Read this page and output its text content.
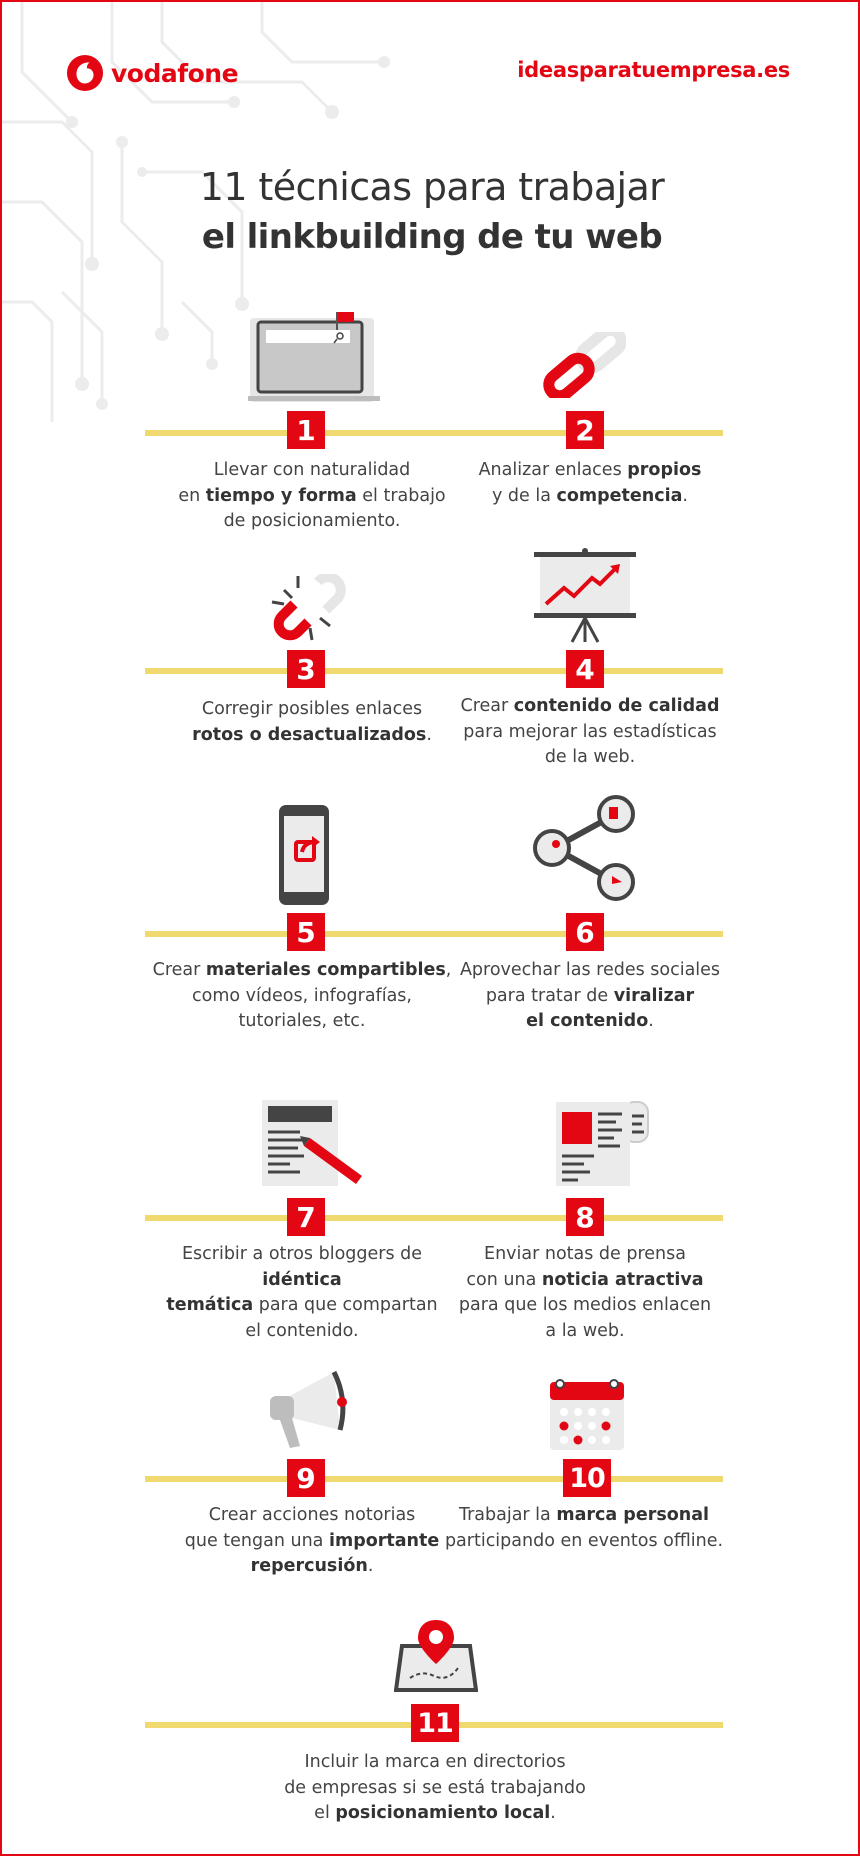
vodafone	ideasparatuempresa.es
11 técnicas para trabajar
el linkbuilding de tu web
1	2
3	4
5	6
7	8
9	10
11
Llevar con naturalidad
en tiempo y forma el trabajo
de posicionamiento.
Analizar enlaces propios
y de la competencia.
Corregir posibles enlaces
rotos o desactualizados.
Crear contenido de calidad
para mejorar las estadísticas
de la web.
Crear materiales compartibles,
como vídeos, infografías,
tutoriales, etc.
Aprovechar las redes sociales
para tratar de viralizar
el contenido.
Escribir a otros bloggers de idéntica
temática para que compartan
el contenido.
Enviar notas de prensa
con una noticia atractiva
para que los medios enlacen
a la web.
Crear acciones notorias
que tengan una importante
repercusión.
Trabajar la marca personal
participando en eventos offline.
Incluir la marca en directorios
de empresas si se está trabajando
el posicionamiento local.
